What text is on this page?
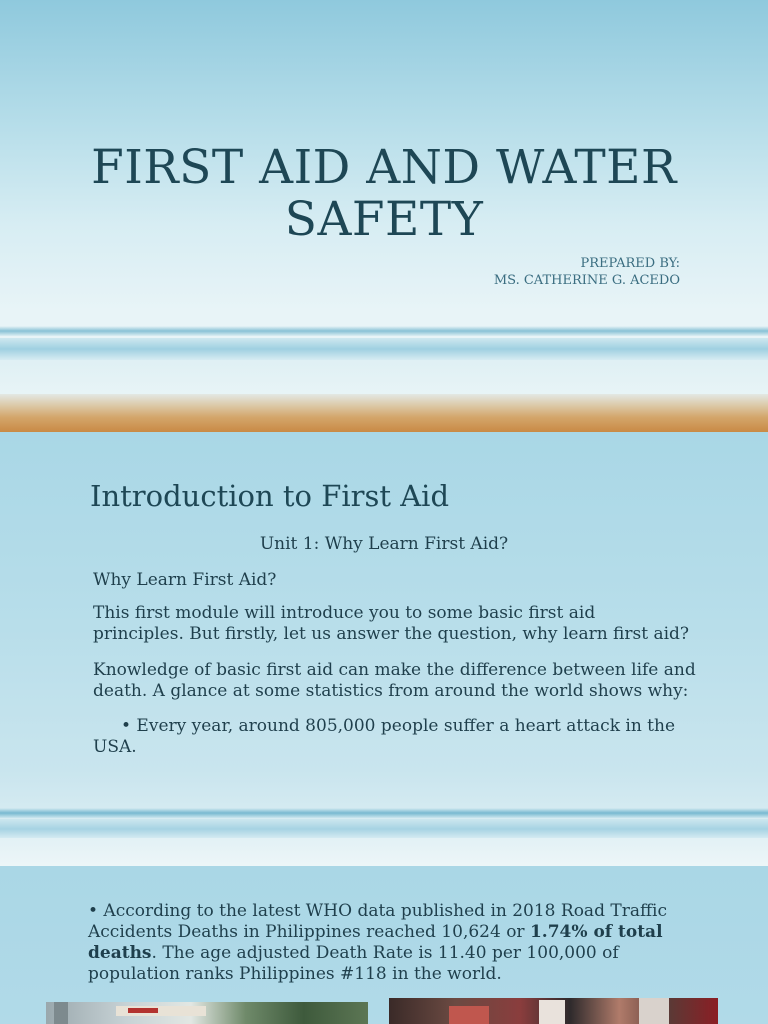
FIRST AID AND WATER
SAFETY
PREPARED BY:
MS. CATHERINE G. ACEDO
Introduction to First Aid
Unit 1: Why Learn First Aid?
Why Learn First Aid?
This first module will introduce you to some basic first aid
principles. But firstly, let us answer the question, why learn first aid?
Knowledge of basic first aid can make the difference between life and
death. A glance at some statistics from around the world shows why:
• Every year, around 805,000 people suffer a heart attack in the
USA.
• According to the latest WHO data published in 2018 Road Traffic
Accidents Deaths in Philippines reached 10,624 or 1.74% of total
deaths. The age adjusted Death Rate is 11.40 per 100,000 of
population ranks Philippines #118 in the world.
